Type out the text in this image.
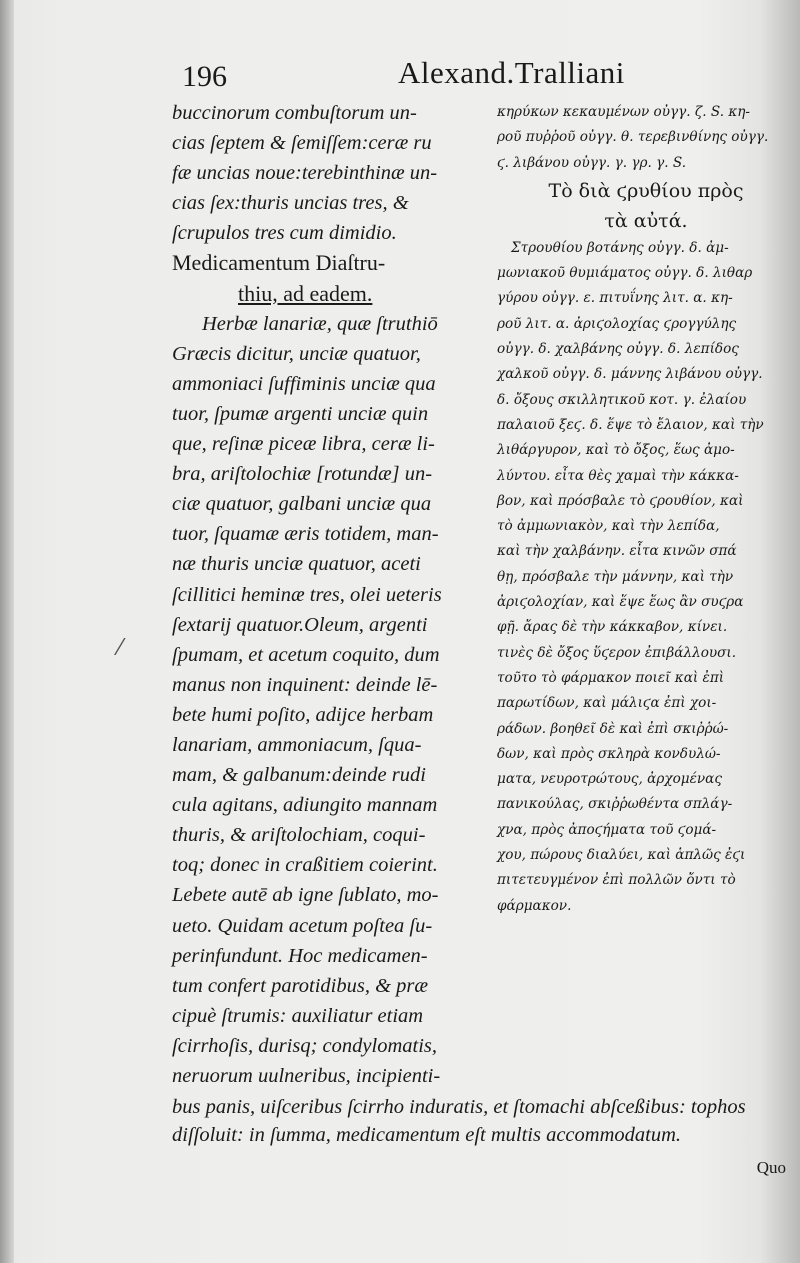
196	Alexand.Tralliani
buccinorum combuſtorum un-
cias ſeptem & ſemiſſem:ceræ ru
fæ uncias noue:terebinthinæ un-
cias ſex:thuris uncias tres, &
ſcrupulos tres cum dimidio.
Medicamentum Diaſtru-
thiu, ad eadem.
Herbæ lanariæ, quæ ſtruthiō
Græcis dicitur, unciæ quatuor,
ammoniaci ſuffiminis unciæ qua
tuor, ſpumæ argenti unciæ quin
que, reſinæ piceæ libra, ceræ li-
bra, ariſtolochiæ [rotundæ] un-
ciæ quatuor, galbani unciæ qua
tuor, ſquamæ æris totidem, man-
næ thuris unciæ quatuor, aceti
ſcillitici heminæ tres, olei ueteris
ſextarij quatuor.Oleum, argenti
ſpumam, et acetum coquito, dum
manus non inquinent: deinde lē-
bete humi poſito, adijce herbam
lanariam, ammoniacum, ſqua-
mam, & galbanum:deinde rudi
cula agitans, adiungito mannam
thuris, & ariſtolochiam, coqui-
toq; donec in craßitiem coierint.
Lebete autē ab igne ſublato, mo-
ueto. Quidam acetum poſtea ſu-
perinfundunt. Hoc medicamen-
tum confert parotidibus, & præ
cipuè ſtrumis: auxiliatur etiam
ſcirrhoſis, durisq; condylomatis,
neruorum uulneribus, incipienti-
κηρύκων κεκαυμένων οὐγγ. ζ. S. κη-
ροῦ πυῤῥοῦ οὐγγ. θ. τερεβινθίνης οὐγγ.
ϛ. λιβάνου οὐγγ. γ. γρ. γ. S.
Τὸ διὰ ϛρυθίου πρὸς
τὰ αὐτά.
Στρουθίου βοτάνης οὐγγ. δ. ἀμ-
μωνιακοῦ θυμιάματος οὐγγ. δ. λιθαρ
γύρου οὐγγ. ε. πιτυΐνης λιτ. α. κη-
ροῦ λιτ. α. ἀριϛολοχίας ϛρογγύλης
οὐγγ. δ. χαλβάνης οὐγγ. δ. λεπίδος
χαλκοῦ οὐγγ. δ. μάννης λιβάνου οὐγγ.
δ. ὄξους σκιλλητικοῦ κοτ. γ. ἐλαίου
παλαιοῦ ξεϛ. δ. ἕψε τὸ ἔλαιον, καὶ τὴν
λιθάργυρον, καὶ τὸ ὄξος, ἕως ἀμο-
λύντου. εἶτα θὲς χαμαὶ τὴν κάκκα-
βον, καὶ πρόσβαλε τὸ ϛρουθίον, καὶ
τὸ ἀμμωνιακὸν, καὶ τὴν λεπίδα,
καὶ τὴν χαλβάνην. εἶτα κινῶν σπά
θῃ, πρόσβαλε τὴν μάννην, καὶ τὴν
ἀριϛολοχίαν, καὶ ἕψε ἕως ἂν συϛρα
φῇ. ἄρας δὲ τὴν κάκκαβον, κίνει.
τινὲς δὲ ὄξος ὕϛερον ἐπιβάλλουσι.
τοῦτο τὸ φάρμακον ποιεῖ καὶ ἐπὶ
παρωτίδων, καὶ μάλιϛα ἐπὶ χοι-
ράδων. βοηθεῖ δὲ καὶ ἐπὶ σκιῤῥώ-
δων, καὶ πρὸς σκληρὰ κονδυλώ-
ματα, νευροτρώτους, ἀρχομένας
πανικούλας, σκιῤῥωθέντα σπλάγ-
χνα, πρὸς ἀποϛήματα τοῦ ϛομά-
χου, πώρους διαλύει, καὶ ἁπλῶς ἐϛι
πιτετευγμένον ἐπὶ πολλῶν ὄντι τὸ
φάρμακον.
bus panis, uiſceribus ſcirrho induratis, et ſtomachi abſceßibus: tophos
diſſoluit: in ſumma, medicamentum eſt multis accommodatum.
Quo
⁄
